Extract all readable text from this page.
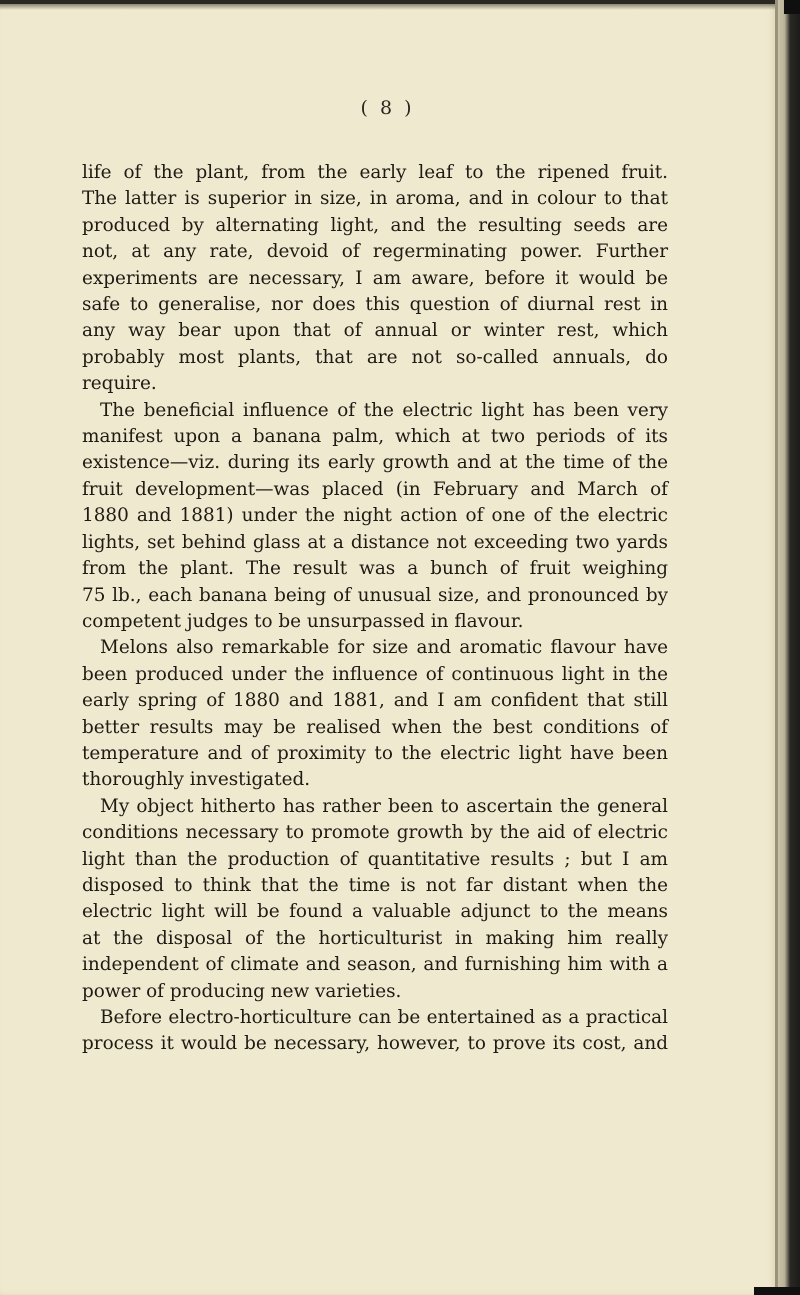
( 8 )
life of the plant, from the early leaf to the ripened fruit.
The latter is superior in size, in aroma, and in colour to that
produced by alternating light, and the resulting seeds are
not, at any rate, devoid of regerminating power. Further
experiments are necessary, I am aware, before it would be
safe to generalise, nor does this question of diurnal rest in
any way bear upon that of annual or winter rest, which
probably most plants, that are not so-called annuals, do
require.
The beneficial influence of the electric light has been very
manifest upon a banana palm, which at two periods of its
existence—viz. during its early growth and at the time of the
fruit development—was placed (in February and March of
1880 and 1881) under the night action of one of the electric
lights, set behind glass at a distance not exceeding two yards
from the plant. The result was a bunch of fruit weighing
75 lb., each banana being of unusual size, and pronounced by
competent judges to be unsurpassed in flavour.
Melons also remarkable for size and aromatic flavour have
been produced under the influence of continuous light in the
early spring of 1880 and 1881, and I am confident that still
better results may be realised when the best conditions of
temperature and of proximity to the electric light have been
thoroughly investigated.
My object hitherto has rather been to ascertain the general
conditions necessary to promote growth by the aid of electric
light than the production of quantitative results ; but I am
disposed to think that the time is not far distant when the
electric light will be found a valuable adjunct to the means
at the disposal of the horticulturist in making him really
independent of climate and season, and furnishing him with a
power of producing new varieties.
Before electro-horticulture can be entertained as a practical
process it would be necessary, however, to prove its cost, and
